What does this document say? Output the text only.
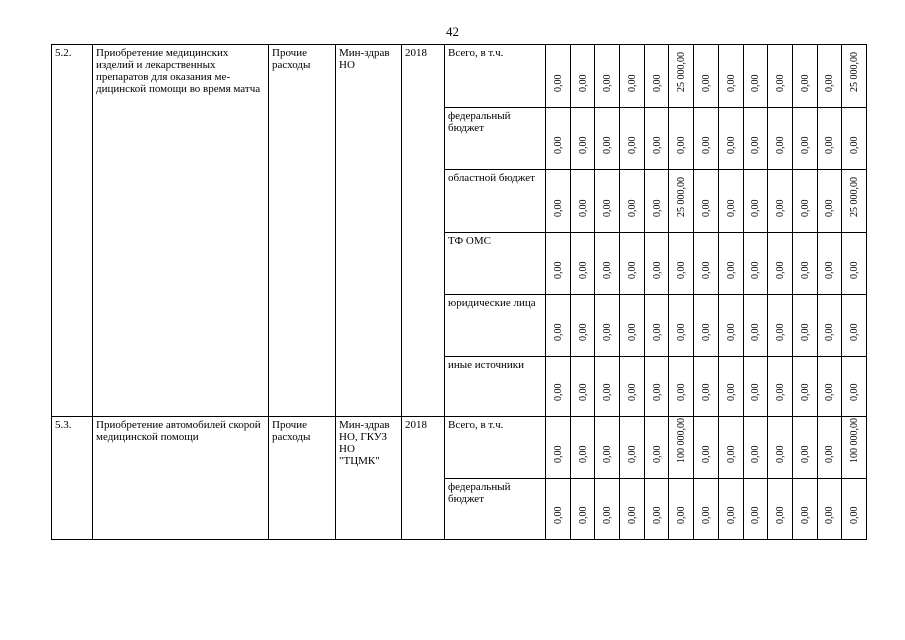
42
5.2.	Приобретение медицинских изделий и лекарственных препаратов для оказания ме-дицинской помощи во время матча	Прочие расходы	Мин-здрав НО	2018	Всего, в т.ч.	0,00	0,00	0,00	0,00	0,00	25 000,00	0,00	0,00	0,00	0,00	0,00	0,00	25 000,00

					федеральный бюджет	0,00	0,00	0,00	0,00	0,00	0,00	0,00	0,00	0,00	0,00	0,00	0,00	0,00

					областной бюджет	0,00	0,00	0,00	0,00	0,00	25 000,00	0,00	0,00	0,00	0,00	0,00	0,00	25 000,00

					ТФ ОМС	0,00	0,00	0,00	0,00	0,00	0,00	0,00	0,00	0,00	0,00	0,00	0,00	0,00

					юридические лица	0,00	0,00	0,00	0,00	0,00	0,00	0,00	0,00	0,00	0,00	0,00	0,00	0,00

					иные источники	0,00	0,00	0,00	0,00	0,00	0,00	0,00	0,00	0,00	0,00	0,00	0,00	0,00

5.3.	Приобретение автомобилей скорой медицинской помощи	Прочие расходы	Мин-здрав НО, ГКУЗ НО "ТЦМК"	2018	Всего, в т.ч.	0,00	0,00	0,00	0,00	0,00	100 000,00	0,00	0,00	0,00	0,00	0,00	0,00	100 000,00

					федеральный бюджет	0,00	0,00	0,00	0,00	0,00	0,00	0,00	0,00	0,00	0,00	0,00	0,00	0,00
